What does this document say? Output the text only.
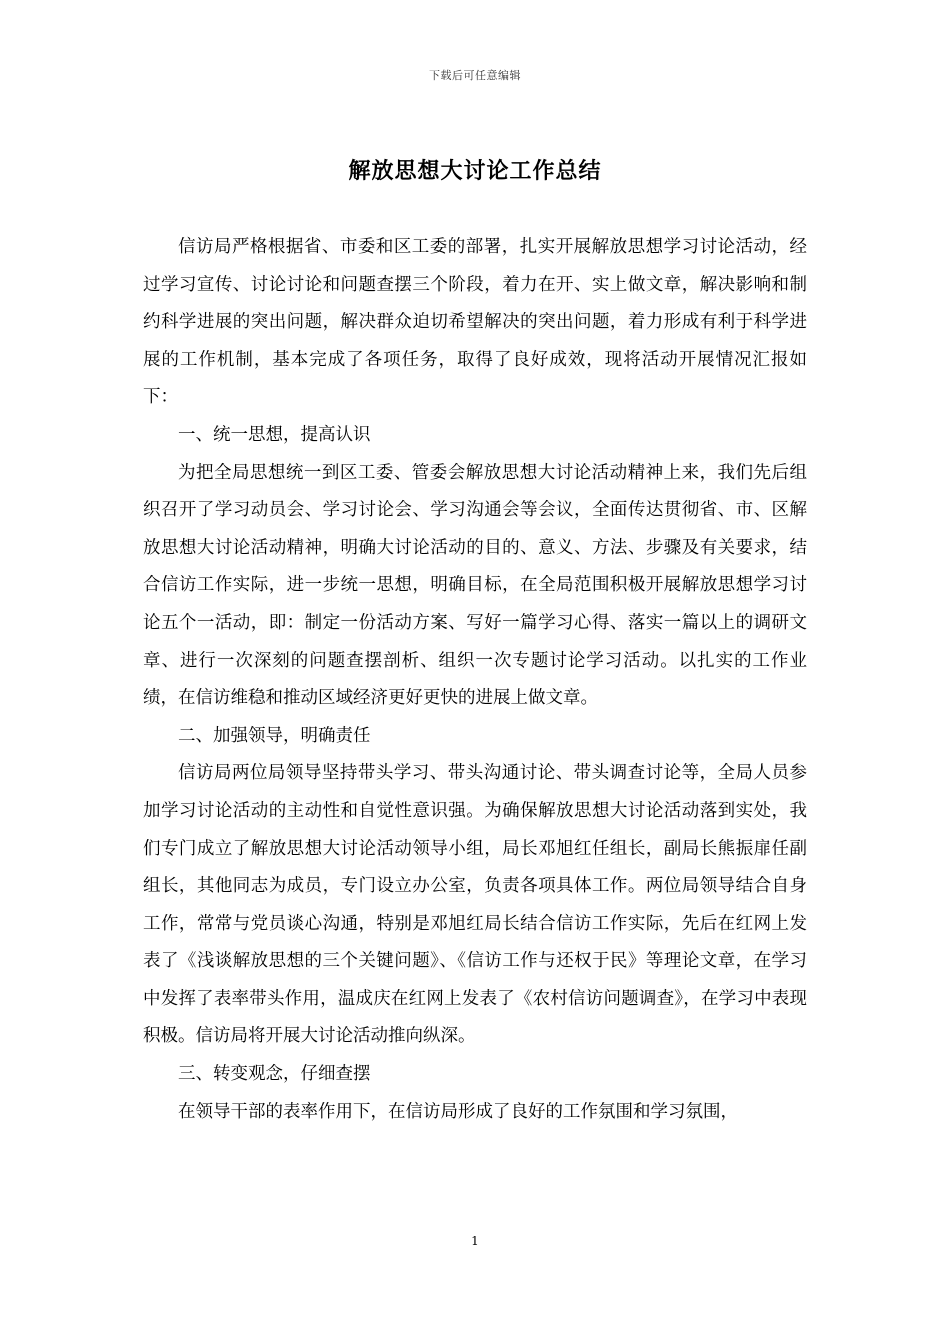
下载后可任意编辑
解放思想大讨论工作总结

信访局严格根据省、市委和区工委的部署，扎实开展解放思想学习讨论活动，经过学习宣传、讨论讨论和问题查摆三个阶段，着力在开、实上做文章，解决影响和制约科学进展的突出问题，解决群众迫切希望解决的突出问题，着力形成有利于科学进展的工作机制，基本完成了各项任务，取得了良好成效，现将活动开展情况汇报如下：

一、统一思想，提高认识

为把全局思想统一到区工委、管委会解放思想大讨论活动精神上来，我们先后组织召开了学习动员会、学习讨论会、学习沟通会等会议，全面传达贯彻省、市、区解放思想大讨论活动精神，明确大讨论活动的目的、意义、方法、步骤及有关要求，结合信访工作实际，进一步统一思想，明确目标，在全局范围积极开展解放思想学习讨论五个一活动，即：制定一份活动方案、写好一篇学习心得、落实一篇以上的调研文章、进行一次深刻的问题查摆剖析、组织一次专题讨论学习活动。以扎实的工作业绩，在信访维稳和推动区域经济更好更快的进展上做文章。

二、加强领导，明确责任

信访局两位局领导坚持带头学习、带头沟通讨论、带头调查讨论等，全局人员参加学习讨论活动的主动性和自觉性意识强。为确保解放思想大讨论活动落到实处，我们专门成立了解放思想大讨论活动领导小组，局长邓旭红任组长，副局长熊振扉任副组长，其他同志为成员，专门设立办公室，负责各项具体工作。两位局领导结合自身工作，常常与党员谈心沟通，特别是邓旭红局长结合信访工作实际，先后在红网上发表了《浅谈解放思想的三个关键问题》、《信访工作与还权于民》等理论文章，在学习中发挥了表率带头作用，温成庆在红网上发表了《农村信访问题调查》，在学习中表现积极。信访局将开展大讨论活动推向纵深。

三、转变观念，仔细查摆

在领导干部的表率作用下，在信访局形成了良好的工作氛围和学习氛围，

1
